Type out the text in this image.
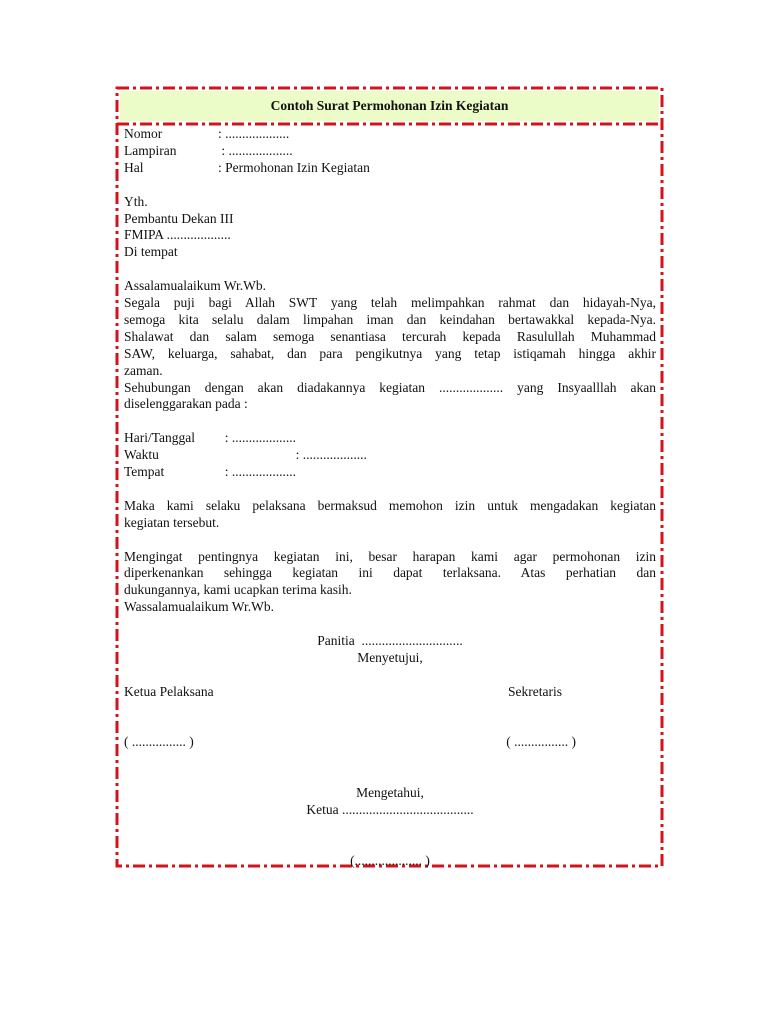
Contoh Surat Permohonan Izin Kegiatan
Nomor	: ...................
Lampiran	: ...................
Hal	: Permohonan Izin Kegiatan
Yth.
Pembantu Dekan III
FMIPA ...................
Di tempat
Assalamualaikum Wr.Wb.
Segala puji bagi Allah SWT yang telah melimpahkan rahmat dan hidayah-Nya,
semoga kita selalu dalam limpahan iman dan keindahan bertawakkal kepada-Nya.
Shalawat dan salam semoga senantiasa tercurah kepada Rasulullah Muhammad
SAW, keluarga, sahabat, dan para pengikutnya yang tetap istiqamah hingga akhir
zaman.
Sehubungan dengan akan diadakannya kegiatan ................... yang Insyaalllah akan
diselenggarakan pada :
Hari/Tanggal  : ...................
Waktu	: ...................
Tempat	: ...................
Maka kami selaku pelaksana bermaksud memohon izin untuk mengadakan kegiatan
kegiatan tersebut.
Mengingat pentingnya kegiatan ini, besar harapan kami agar permohonan izin
diperkenankan sehingga kegiatan ini dapat terlaksana. Atas perhatian dan
dukungannya, kami ucapkan terima kasih.
Wassalamualaikum Wr.Wb.
Panitia  ..............................
Menyetujui,
Ketua Pelaksana	Sekretaris
( ................ )	( ................ )
Mengetahui,
Ketua .......................................
(.................... )
